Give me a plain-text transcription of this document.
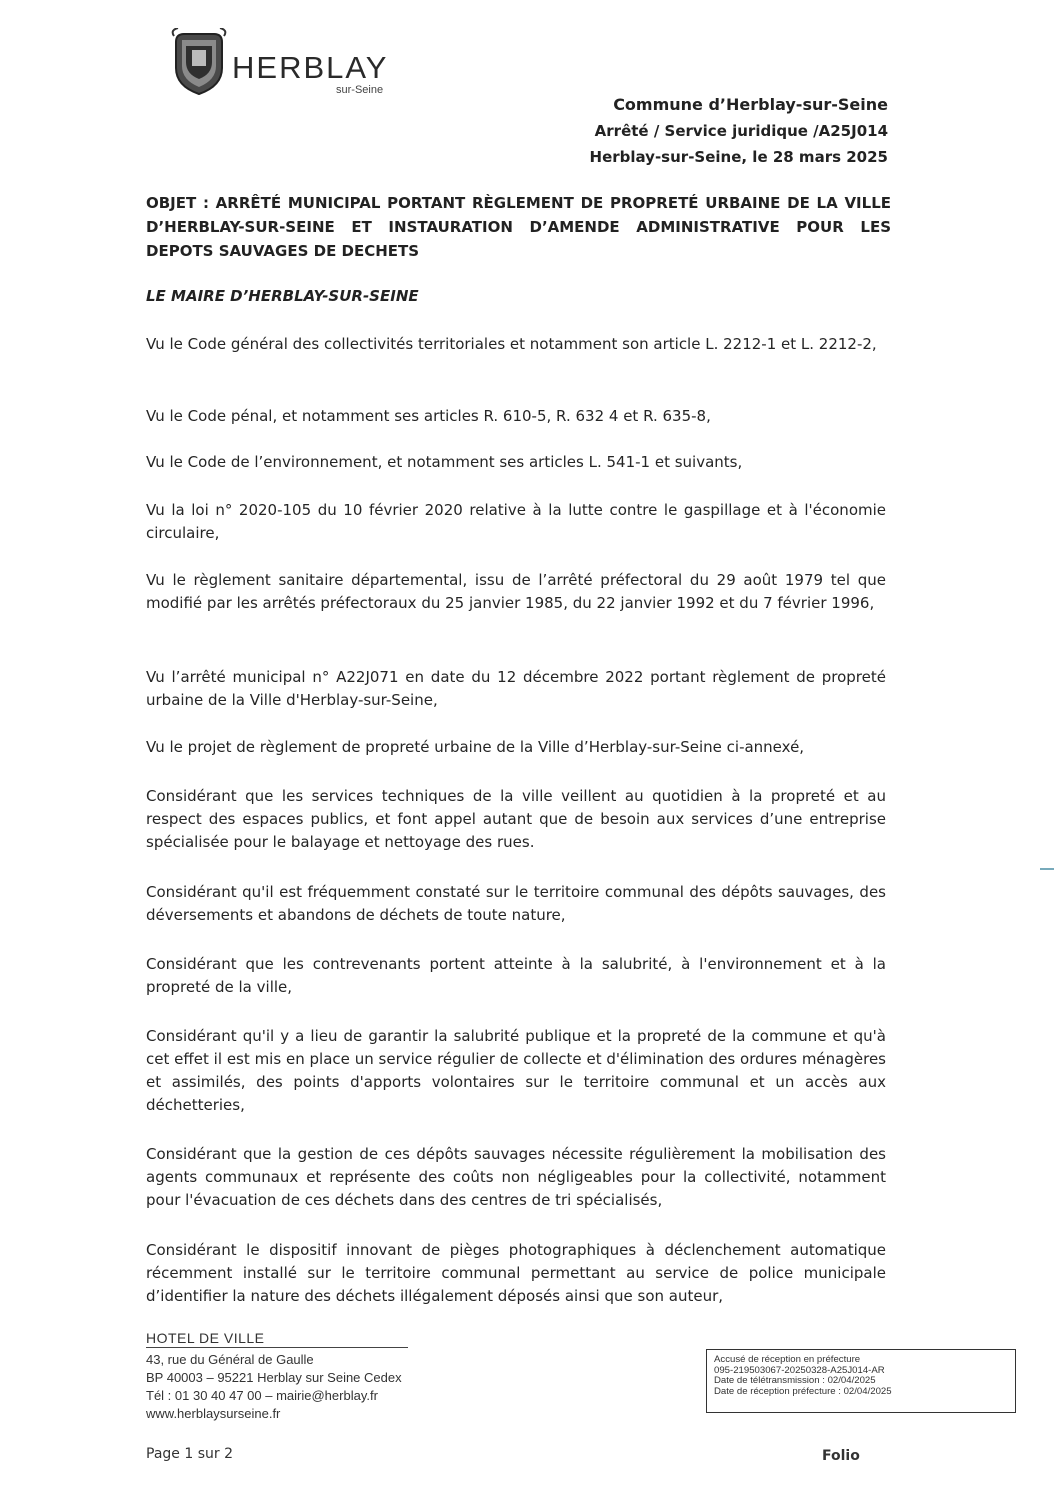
HERBLAY
sur-Seine
Commune d’Herblay-sur-Seine
Arrêté / Service juridique /A25J014
Herblay-sur-Seine, le 28 mars 2025
OBJET : ARRÊTÉ MUNICIPAL PORTANT RÈGLEMENT DE PROPRETÉ URBAINE DE LA VILLE D’HERBLAY-SUR-SEINE ET INSTAURATION D’AMENDE ADMINISTRATIVE POUR LES DEPOTS SAUVAGES DE DECHETS
LE MAIRE D’HERBLAY-SUR-SEINE

Vu le Code général des collectivités territoriales et notamment son article L. 2212-1 et L. 2212-2,

Vu le Code pénal, et notamment ses articles R. 610-5, R. 632 4 et R. 635-8,

Vu le Code de l’environnement, et notamment ses articles L. 541-1 et suivants,

Vu la loi n° 2020-105 du 10 février 2020 relative à la lutte contre le gaspillage et à l'économie circulaire,

Vu le règlement sanitaire départemental, issu de l’arrêté préfectoral du 29 août 1979 tel que modifié par les arrêtés préfectoraux du 25 janvier 1985, du 22 janvier 1992 et du 7 février 1996,

Vu l’arrêté municipal n° A22J071 en date du 12 décembre 2022 portant règlement de propreté urbaine de la Ville d'Herblay-sur-Seine,

Vu le projet de règlement de propreté urbaine de la Ville d’Herblay-sur-Seine ci-annexé,

Considérant que les services techniques de la ville veillent au quotidien à la propreté et au respect des espaces publics, et font appel autant que de besoin aux services d’une entreprise spécialisée pour le balayage et nettoyage des rues.

Considérant qu'il est fréquemment constaté sur le territoire communal des dépôts sauvages, des déversements et abandons de déchets de toute nature,

Considérant que les contrevenants portent atteinte à la salubrité, à l'environnement et à la propreté de la ville,

Considérant qu'il y a lieu de garantir la salubrité publique et la propreté de la commune et qu'à cet effet il est mis en place un service régulier de collecte et d'élimination des ordures ménagères et assimilés, des points d'apports volontaires sur le territoire communal et un accès aux déchetteries,

Considérant que la gestion de ces dépôts sauvages nécessite régulièrement la mobilisation des agents communaux et représente des coûts non négligeables pour la collectivité, notamment pour l'évacuation de ces déchets dans des centres de tri spécialisés,

Considérant le dispositif innovant de pièges photographiques à déclenchement automatique récemment installé sur le territoire communal permettant au service de police municipale d’identifier la nature des déchets illégalement déposés ainsi que son auteur,

HOTEL DE VILLE
43, rue du Général de Gaulle
BP 40003 – 95221 Herblay sur Seine Cedex
Tél : 01 30 40 47 00 – mairie@herblay.fr
www.herblaysurseine.fr
Accusé de réception en préfecture
095-219503067-20250328-A25J014-AR
Date de télétransmission : 02/04/2025
Date de réception préfecture : 02/04/2025
Page 1 sur 2	Folio
